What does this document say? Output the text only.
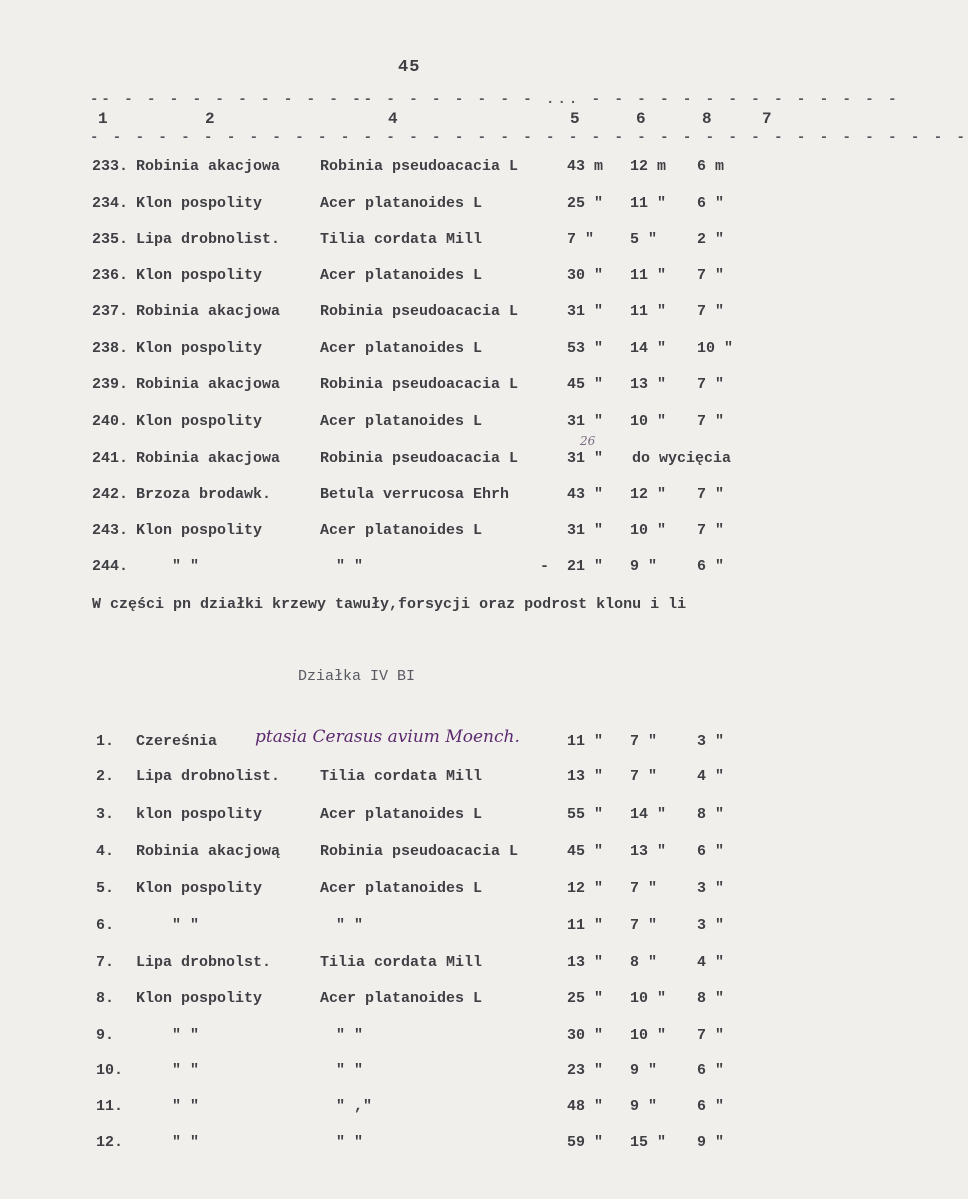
45
-- - - - - - - - - - - -- - - - - - - - ... - - - - - - - - - - - - - -
1	2	4	5	6	8	7
- - - - - - - - - - - - - - - - - - - - - - - - - - - - - - - - - - - - - - -
233. Robinia akacjowa	Robinia pseudoacacia L	43 m 12 m 6 m
234. Klon pospolity	Acer platanoides L	25 " 11 " 6 "
235. Lipa drobnolist.	Tilia cordata Mill	7 " 5 "	2 "
236. Klon pospolity	Acer platanoides L	30 " 11 " 7 "
237. Robinia akacjowa	Robinia pseudoacacia L	31 " 11 " 7 "
238. Klon pospolity	Acer platanoides L	53 " 14 " 10 "
239. Robinia akacjowa	Robinia pseudoacacia L	45 " 13 " 7 "
240. Klon pospolity	Acer platanoides L	31 " 10 " 7 "
26
241. Robinia akacjowa	Robinia pseudoacacia L	31 " do wycięcia
242. Brzoza brodawk.	Betula verrucosa Ehrh	43 " 12 " 7 "
243. Klon pospolity	Acer platanoides L	31 " 10 " 7 "
244.	" "	" "	- 21 " 9 "	6 "
W części pn działki krzewy tawuły,forsycji oraz podrost klonu i li
Działka IV BI
1. Czereśnia ptasia Cerasus avium Moench.	11 " 7 "	3 "
2. Lipa drobnolist.	Tilia cordata Mill	13 " 7 "	4 "
3. klon pospolity	Acer platanoides L	55 " 14 " 8 "
4. Robinia akacjową	Robinia pseudoacacia L	45 " 13 " 6 "
5. Klon pospolity	Acer platanoides L	12 " 7 "	3 "
6.	" "	" "	11 " 7 "	3 "
7. Lipa drobnolst.	Tilia cordata Mill	13 " 8 "	4 "
8. Klon pospolity	Acer platanoides L	25 " 10 " 8 "
9.	" "	" "	30 " 10 " 7 "
10.	" "	" "	23 " 9 "	6 "
11.	" "	" ,"	48 " 9 "	6 "
12.	" "	" "	59 " 15 " 9 "
